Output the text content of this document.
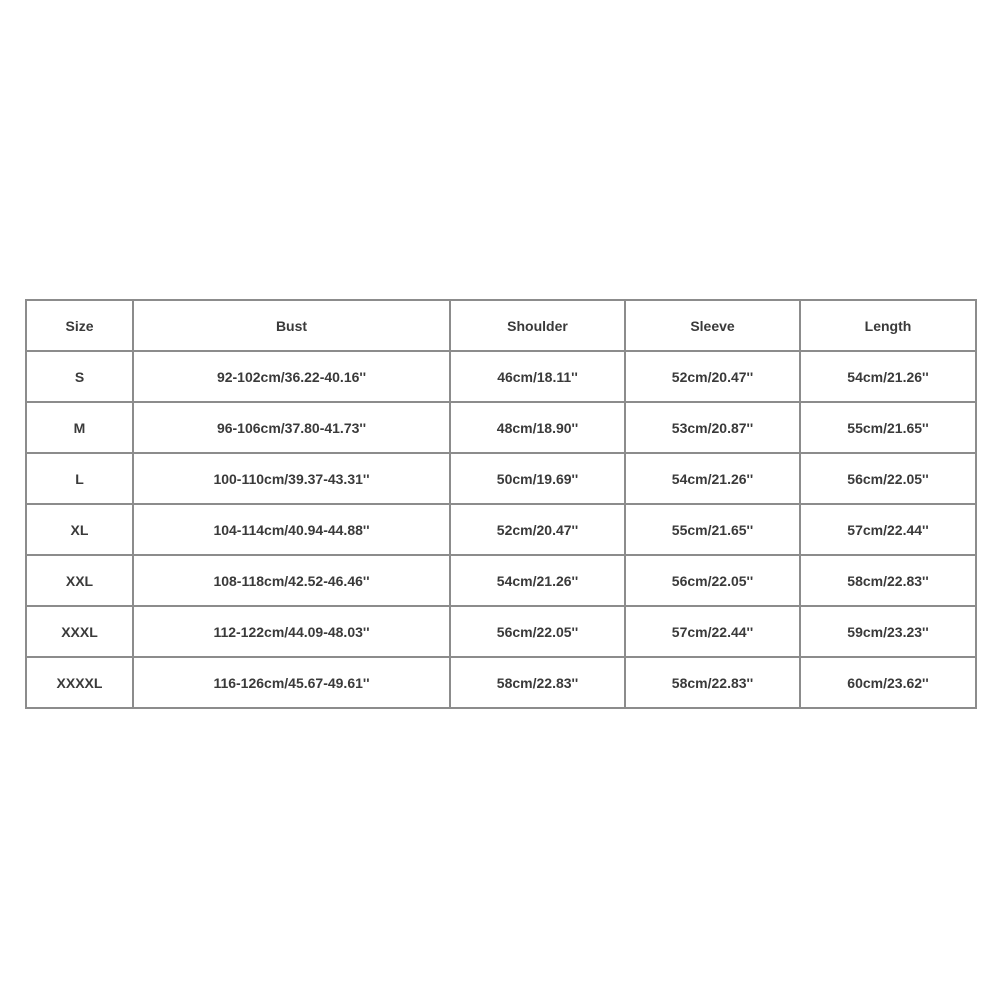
Size	Bust	Shoulder	Sleeve	Length
S	92-102cm/36.22-40.16''	46cm/18.11''	52cm/20.47''	54cm/21.26''
M	96-106cm/37.80-41.73''	48cm/18.90''	53cm/20.87''	55cm/21.65''
L	100-110cm/39.37-43.31''	50cm/19.69''	54cm/21.26''	56cm/22.05''
XL	104-114cm/40.94-44.88''	52cm/20.47''	55cm/21.65''	57cm/22.44''
XXL	108-118cm/42.52-46.46''	54cm/21.26''	56cm/22.05''	58cm/22.83''
XXXL	112-122cm/44.09-48.03''	56cm/22.05''	57cm/22.44''	59cm/23.23''
XXXXL	116-126cm/45.67-49.61''	58cm/22.83''	58cm/22.83''	60cm/23.62''
